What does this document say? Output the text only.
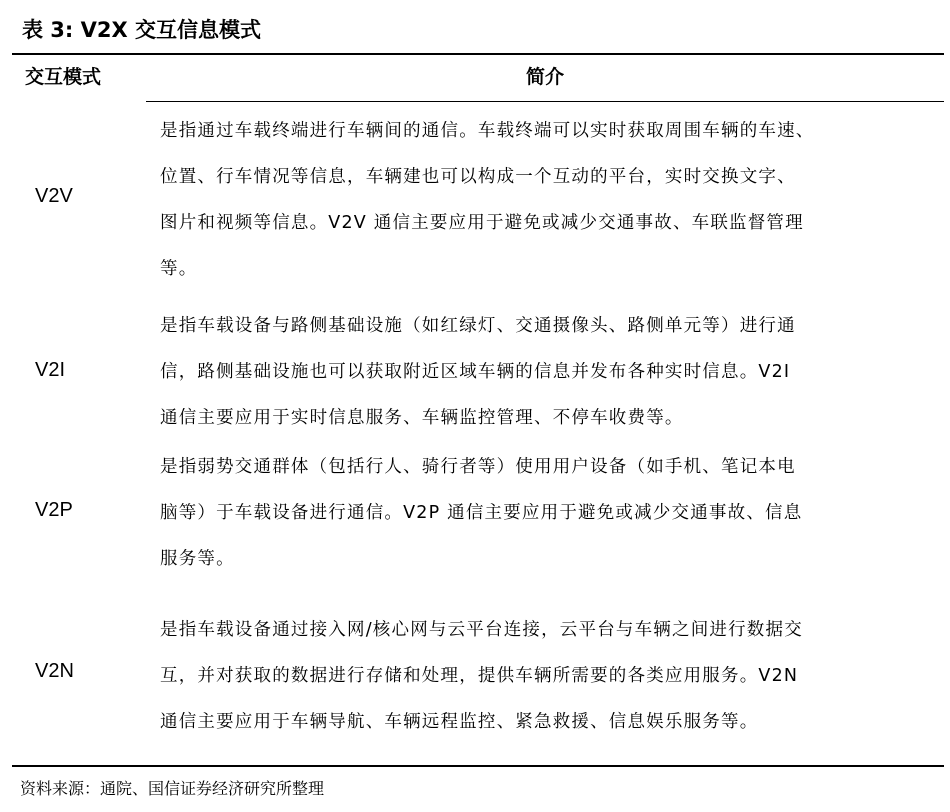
表 3: V2X 交互信息模式
交互模式	简介
V2V
是指通过车载终端进行车辆间的通信。车载终端可以实时获取周围车辆的车速、
位置、行车情况等信息，车辆建也可以构成一个互动的平台，实时交换文字、
图片和视频等信息。V2V 通信主要应用于避免或减少交通事故、车联监督管理
等。
V2I
是指车载设备与路侧基础设施（如红绿灯、交通摄像头、路侧单元等）进行通
信，路侧基础设施也可以获取附近区域车辆的信息并发布各种实时信息。V2I
通信主要应用于实时信息服务、车辆监控管理、不停车收费等。
V2P
是指弱势交通群体（包括行人、骑行者等）使用用户设备（如手机、笔记本电
脑等）于车载设备进行通信。V2P 通信主要应用于避免或减少交通事故、信息
服务等。
V2N
是指车载设备通过接入网/核心网与云平台连接，云平台与车辆之间进行数据交
互，并对获取的数据进行存储和处理，提供车辆所需要的各类应用服务。V2N
通信主要应用于车辆导航、车辆远程监控、紧急救援、信息娱乐服务等。
资料来源：通院、国信证券经济研究所整理
